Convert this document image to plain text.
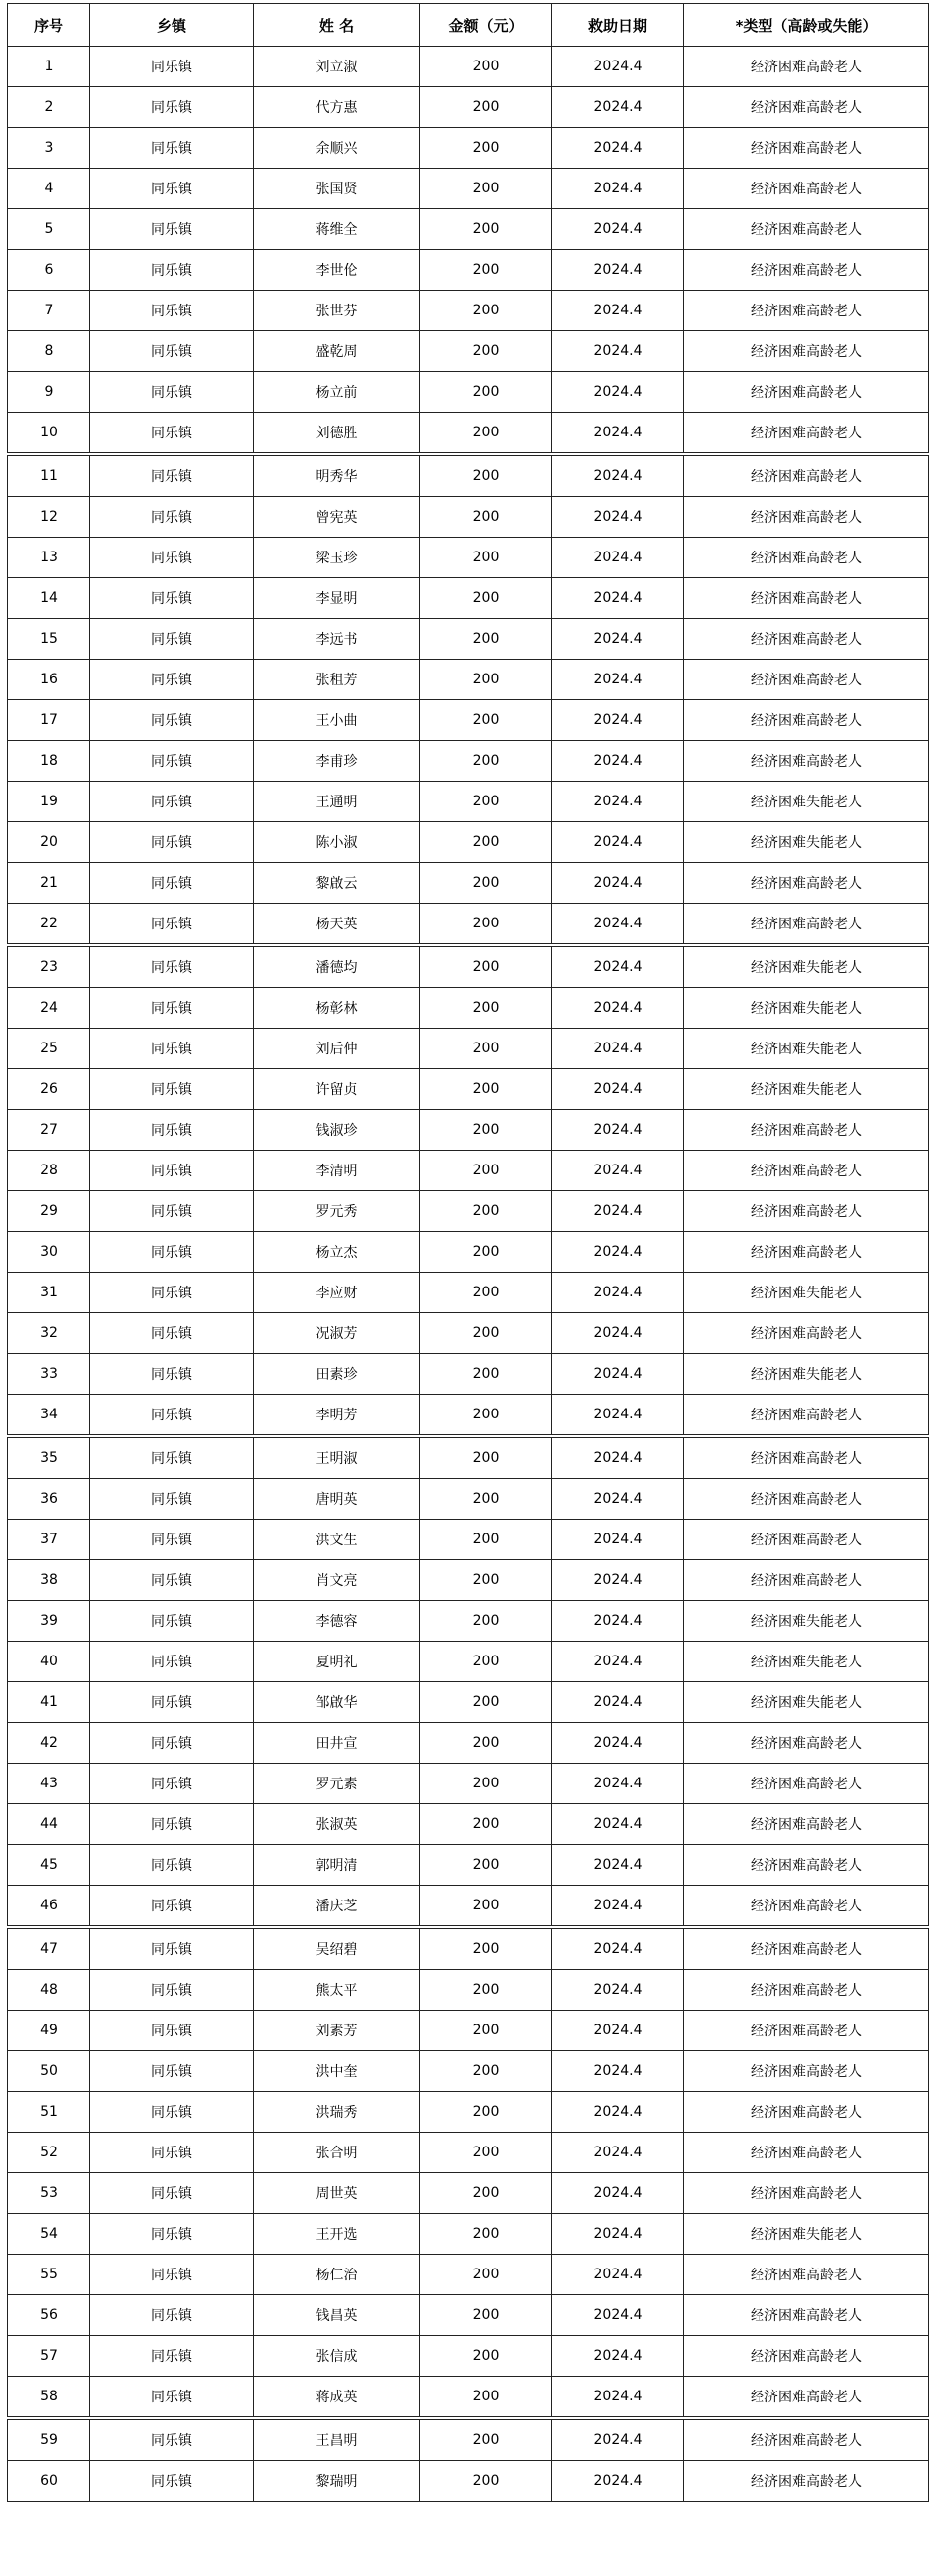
序号	乡镇	姓 名	金额（元）	救助日期	*类型（高龄或失能）
1	同乐镇	刘立淑	200	2024.4	经济困难高龄老人
2	同乐镇	代方惠	200	2024.4	经济困难高龄老人
3	同乐镇	余顺兴	200	2024.4	经济困难高龄老人
4	同乐镇	张国贤	200	2024.4	经济困难高龄老人
5	同乐镇	蒋维全	200	2024.4	经济困难高龄老人
6	同乐镇	李世伦	200	2024.4	经济困难高龄老人
7	同乐镇	张世芬	200	2024.4	经济困难高龄老人
8	同乐镇	盛乾周	200	2024.4	经济困难高龄老人
9	同乐镇	杨立前	200	2024.4	经济困难高龄老人
10	同乐镇	刘德胜	200	2024.4	经济困难高龄老人
11	同乐镇	明秀华	200	2024.4	经济困难高龄老人
12	同乐镇	曾宪英	200	2024.4	经济困难高龄老人
13	同乐镇	梁玉珍	200	2024.4	经济困难高龄老人
14	同乐镇	李显明	200	2024.4	经济困难高龄老人
15	同乐镇	李远书	200	2024.4	经济困难高龄老人
16	同乐镇	张租芳	200	2024.4	经济困难高龄老人
17	同乐镇	王小曲	200	2024.4	经济困难高龄老人
18	同乐镇	李甫珍	200	2024.4	经济困难高龄老人
19	同乐镇	王通明	200	2024.4	经济困难失能老人
20	同乐镇	陈小淑	200	2024.4	经济困难失能老人
21	同乐镇	黎啟云	200	2024.4	经济困难高龄老人
22	同乐镇	杨天英	200	2024.4	经济困难高龄老人
23	同乐镇	潘德均	200	2024.4	经济困难失能老人
24	同乐镇	杨彰林	200	2024.4	经济困难失能老人
25	同乐镇	刘后仲	200	2024.4	经济困难失能老人
26	同乐镇	许留贞	200	2024.4	经济困难失能老人
27	同乐镇	钱淑珍	200	2024.4	经济困难高龄老人
28	同乐镇	李清明	200	2024.4	经济困难高龄老人
29	同乐镇	罗元秀	200	2024.4	经济困难高龄老人
30	同乐镇	杨立杰	200	2024.4	经济困难高龄老人
31	同乐镇	李应财	200	2024.4	经济困难失能老人
32	同乐镇	况淑芳	200	2024.4	经济困难高龄老人
33	同乐镇	田素珍	200	2024.4	经济困难失能老人
34	同乐镇	李明芳	200	2024.4	经济困难高龄老人
35	同乐镇	王明淑	200	2024.4	经济困难高龄老人
36	同乐镇	唐明英	200	2024.4	经济困难高龄老人
37	同乐镇	洪文生	200	2024.4	经济困难高龄老人
38	同乐镇	肖文亮	200	2024.4	经济困难高龄老人
39	同乐镇	李德容	200	2024.4	经济困难失能老人
40	同乐镇	夏明礼	200	2024.4	经济困难失能老人
41	同乐镇	邹啟华	200	2024.4	经济困难失能老人
42	同乐镇	田井宣	200	2024.4	经济困难高龄老人
43	同乐镇	罗元素	200	2024.4	经济困难高龄老人
44	同乐镇	张淑英	200	2024.4	经济困难高龄老人
45	同乐镇	郭明清	200	2024.4	经济困难高龄老人
46	同乐镇	潘庆芝	200	2024.4	经济困难高龄老人
47	同乐镇	吴绍碧	200	2024.4	经济困难高龄老人
48	同乐镇	熊太平	200	2024.4	经济困难高龄老人
49	同乐镇	刘素芳	200	2024.4	经济困难高龄老人
50	同乐镇	洪中奎	200	2024.4	经济困难高龄老人
51	同乐镇	洪瑞秀	200	2024.4	经济困难高龄老人
52	同乐镇	张合明	200	2024.4	经济困难高龄老人
53	同乐镇	周世英	200	2024.4	经济困难高龄老人
54	同乐镇	王开选	200	2024.4	经济困难失能老人
55	同乐镇	杨仁治	200	2024.4	经济困难高龄老人
56	同乐镇	钱昌英	200	2024.4	经济困难高龄老人
57	同乐镇	张信成	200	2024.4	经济困难高龄老人
58	同乐镇	蒋成英	200	2024.4	经济困难高龄老人
59	同乐镇	王昌明	200	2024.4	经济困难高龄老人
60	同乐镇	黎瑞明	200	2024.4	经济困难高龄老人
